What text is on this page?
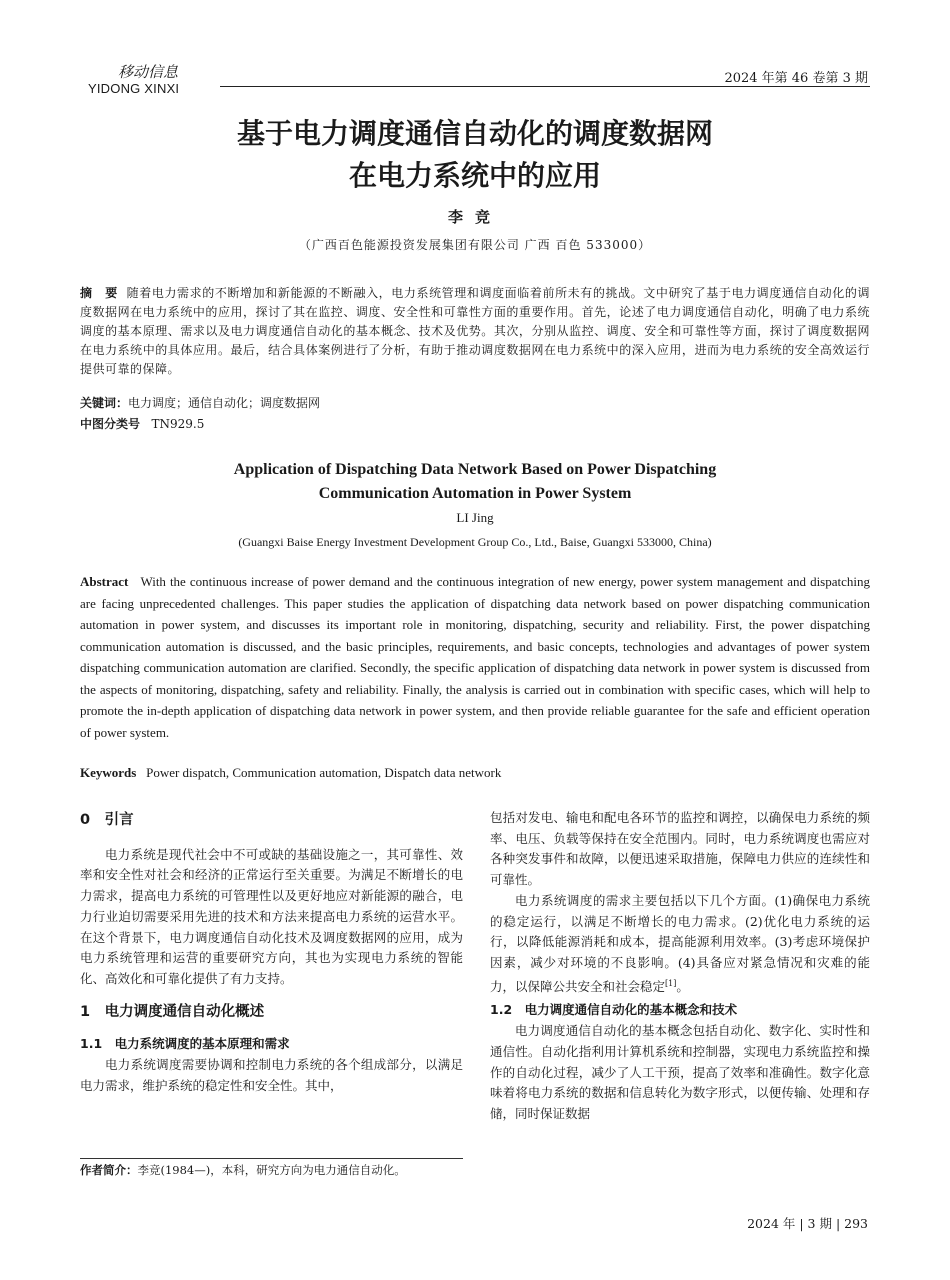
移动信息
YIDONG XINXI
2024 年第 46 卷第 3 期
基于电力调度通信自动化的调度数据网
在电力系统中的应用
李竞
（广西百色能源投资发展集团有限公司 广西 百色 533000）
摘　要 随着电力需求的不断增加和新能源的不断融入，电力系统管理和调度面临着前所未有的挑战。文中研究了基于电力调度通信自动化的调度数据网在电力系统中的应用，探讨了其在监控、调度、安全性和可靠性方面的重要作用。首先，论述了电力调度通信自动化，明确了电力系统调度的基本原理、需求以及电力调度通信自动化的基本概念、技术及优势。其次，分别从监控、调度、安全和可靠性等方面，探讨了调度数据网在电力系统中的具体应用。最后，结合具体案例进行了分析，有助于推动调度数据网在电力系统中的深入应用，进而为电力系统的安全高效运行提供可靠的保障。
关键词：电力调度；通信自动化；调度数据网
中图分类号 TN929.5
Application of Dispatching Data Network Based on Power Dispatching
Communication Automation in Power System
LI Jing
(Guangxi Baise Energy Investment Development Group Co., Ltd., Baise, Guangxi 533000, China)
Abstract With the continuous increase of power demand and the continuous integration of new energy, power system management and dispatching are facing unprecedented challenges. This paper studies the application of dispatching data network based on power dispatching communication automation in power system, and discusses its important role in monitoring, dispatching, security and reliability. First, the power dispatching communication automation is discussed, and the basic principles, requirements, and basic concepts, technologies and advantages of power system dispatching communication automation are clarified. Secondly, the specific application of dispatching data network in power system is discussed from the aspects of monitoring, dispatching, safety and reliability. Finally, the analysis is carried out in combination with specific cases, which will help to promote the in-depth application of dispatching data network in power system, and then provide reliable guarantee for the safe and efficient operation of power system.
Keywords Power dispatch, Communication automation, Dispatch data network
0　引言

电力系统是现代社会中不可或缺的基础设施之一，其可靠性、效率和安全性对社会和经济的正常运行至关重要。为满足不断增长的电力需求，提高电力系统的可管理性以及更好地应对新能源的融合，电力行业迫切需要采用先进的技术和方法来提高电力系统的运营水平。在这个背景下，电力调度通信自动化技术及调度数据网的应用，成为电力系统管理和运营的重要研究方向，其也为实现电力系统的智能化、高效化和可靠化提供了有力支持。

1　电力调度通信自动化概述
1.1　电力系统调度的基本原理和需求

电力系统调度需要协调和控制电力系统的各个组成部分，以满足电力需求，维护系统的稳定性和安全性。其中，

作者简介：李竞(1984—)，本科，研究方向为电力通信自动化。

包括对发电、输电和配电各环节的监控和调控，以确保电力系统的频率、电压、负载等保持在安全范围内。同时，电力系统调度也需应对各种突发事件和故障，以便迅速采取措施，保障电力供应的连续性和可靠性。

电力系统调度的需求主要包括以下几个方面。(1)确保电力系统的稳定运行，以满足不断增长的电力需求。(2)优化电力系统的运行，以降低能源消耗和成本，提高能源利用效率。(3)考虑环境保护因素，减少对环境的不良影响。(4)具备应对紧急情况和灾难的能力，以保障公共安全和社会稳定[1]。

1.2　电力调度通信自动化的基本概念和技术

电力调度通信自动化的基本概念包括自动化、数字化、实时性和通信性。自动化指利用计算机系统和控制器，实现电力系统监控和操作的自动化过程，减少了人工干预，提高了效率和准确性。数字化意味着将电力系统的数据和信息转化为数字形式，以便传输、处理和存储，同时保证数据

2024 年 | 3 期 | 293
